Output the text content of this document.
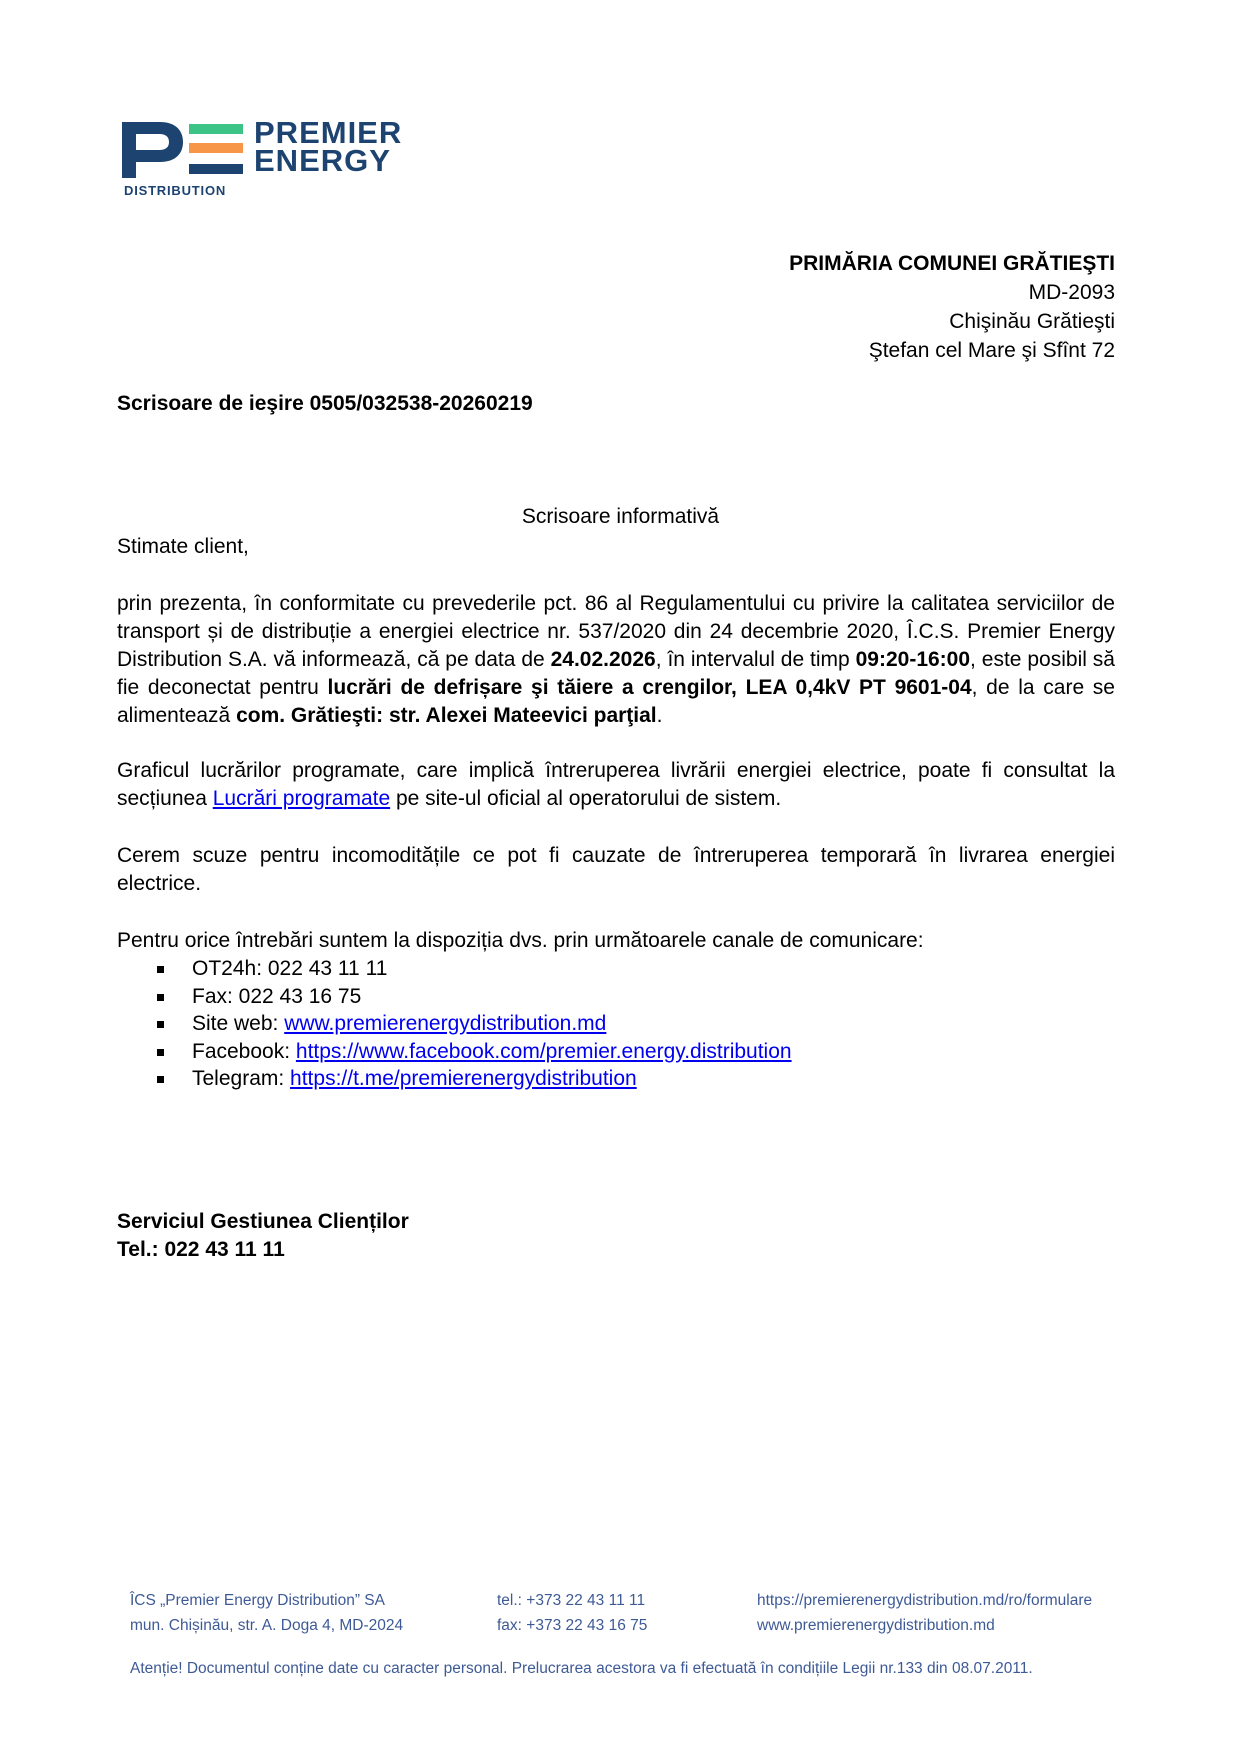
PREMIER
ENERGY
DISTRIBUTION
PRIMĂRIA COMUNEI GRĂTIEŞTI
MD-2093
Chişinău Grătieşti
Ştefan cel Mare şi Sfînt 72
Scrisoare de ieşire 0505/032538-20260219
Scrisoare informativă
Stimate client,
prin prezenta, în conformitate cu prevederile pct. 86 al Regulamentului cu privire la calitatea serviciilor de transport și de distribuție a energiei electrice nr. 537/2020 din 24 decembrie 2020, Î.C.S. Premier Energy Distribution S.A. vă informează, că pe data de 24.02.2026, în intervalul de timp 09:20-16:00, este posibil să fie deconectat pentru lucrări de defrișare şi tăiere a crengilor, LEA 0,4kV PT 9601-04, de la care se alimentează com. Grătieşti: str. Alexei Mateevici parţial.
Graficul lucrărilor programate, care implică întreruperea livrării energiei electrice, poate fi consultat la secțiunea Lucrări programate pe site-ul oficial al operatorului de sistem.
Cerem scuze pentru incomoditățile ce pot fi cauzate de întreruperea temporară în livrarea energiei electrice.
Pentru orice întrebări suntem la dispoziția dvs. prin următoarele canale de comunicare:
OT24h: 022 43 11 11
Fax: 022 43 16 75
Site web: www.premierenergydistribution.md
Facebook: https://www.facebook.com/premier.energy.distribution
Telegram: https://t.me/premierenergydistribution
Serviciul Gestiunea Clienților
Tel.: 022 43 11 11
ÎCS „Premier Energy Distribution” SA
mun. Chișinău, str. A. Doga 4, MD-2024
tel.: +373 22 43 11 11
fax: +373 22 43 16 75
https://premierenergydistribution.md/ro/formulare
www.premierenergydistribution.md
Atenție! Documentul conține date cu caracter personal. Prelucrarea acestora va fi efectuată în condițiile Legii nr.133 din 08.07.2011.
